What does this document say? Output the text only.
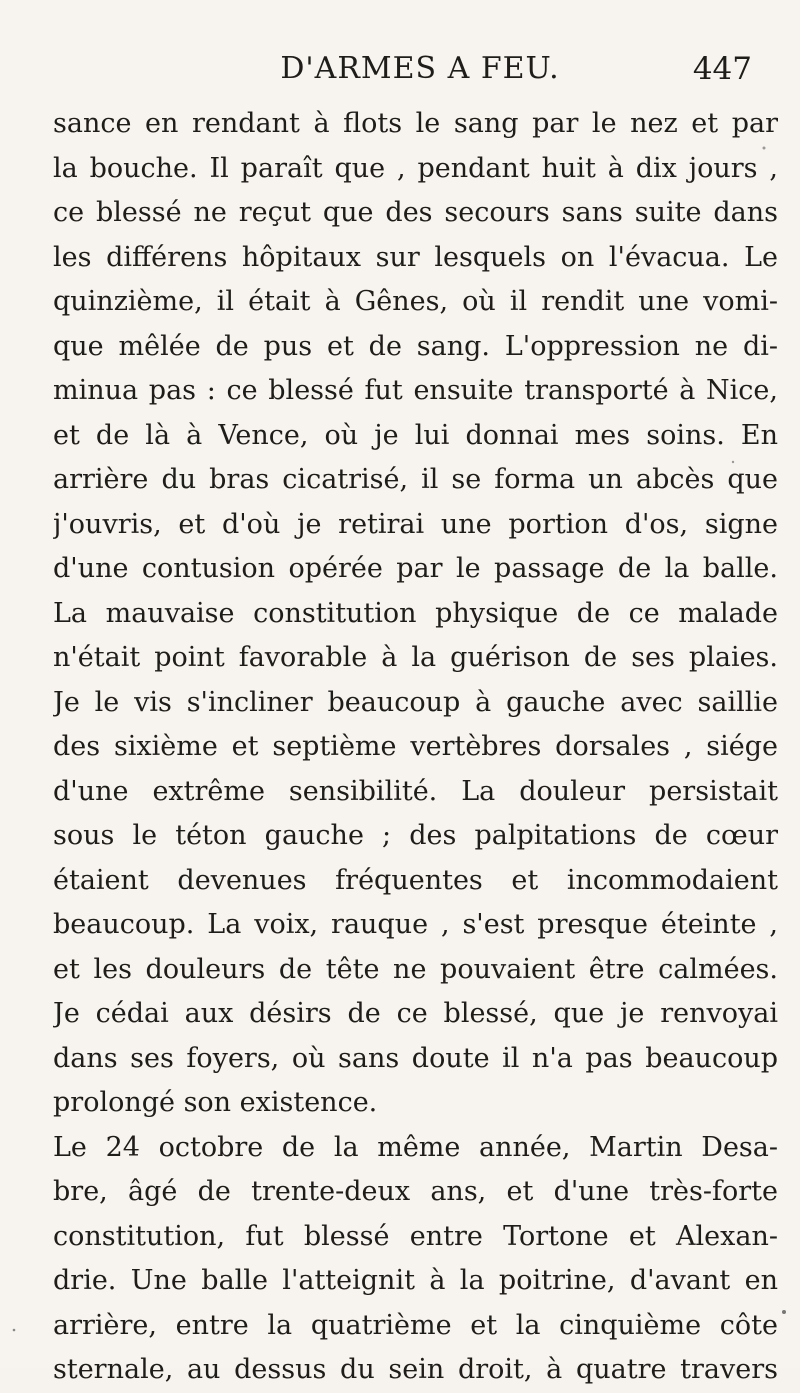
D'ARMES A FEU.	447
sance en rendant à flots le sang par le nez et par
la bouche. Il paraît que , pendant huit à dix jours ,
ce blessé ne reçut que des secours sans suite dans
les différens hôpitaux sur lesquels on l'évacua. Le
quinzième, il était à Gênes, où il rendit une vomi-
que mêlée de pus et de sang. L'oppression ne di-
minua pas : ce blessé fut ensuite transporté à Nice,
et de là à Vence, où je lui donnai mes soins. En
arrière du bras cicatrisé, il se forma un abcès que
j'ouvris, et d'où je retirai une portion d'os, signe
d'une contusion opérée par le passage de la balle.
La mauvaise constitution physique de ce malade
n'était point favorable à la guérison de ses plaies.
Je le vis s'incliner beaucoup à gauche avec saillie
des sixième et septième vertèbres dorsales , siége
d'une extrême sensibilité. La douleur persistait
sous le téton gauche ; des palpitations de cœur
étaient devenues fréquentes et incommodaient
beaucoup. La voix, rauque , s'est presque éteinte ,
et les douleurs de tête ne pouvaient être calmées.
Je cédai aux désirs de ce blessé, que je renvoyai
dans ses foyers, où sans doute il n'a pas beaucoup
prolongé son existence.
Le 24 octobre de la même année, Martin Desa-
bre, âgé de trente-deux ans, et d'une très-forte
constitution, fut blessé entre Tortone et Alexan-
drie. Une balle l'atteignit à la poitrine, d'avant en
arrière, entre la quatrième et la cinquième côte
sternale, au dessus du sein droit, à quatre travers
